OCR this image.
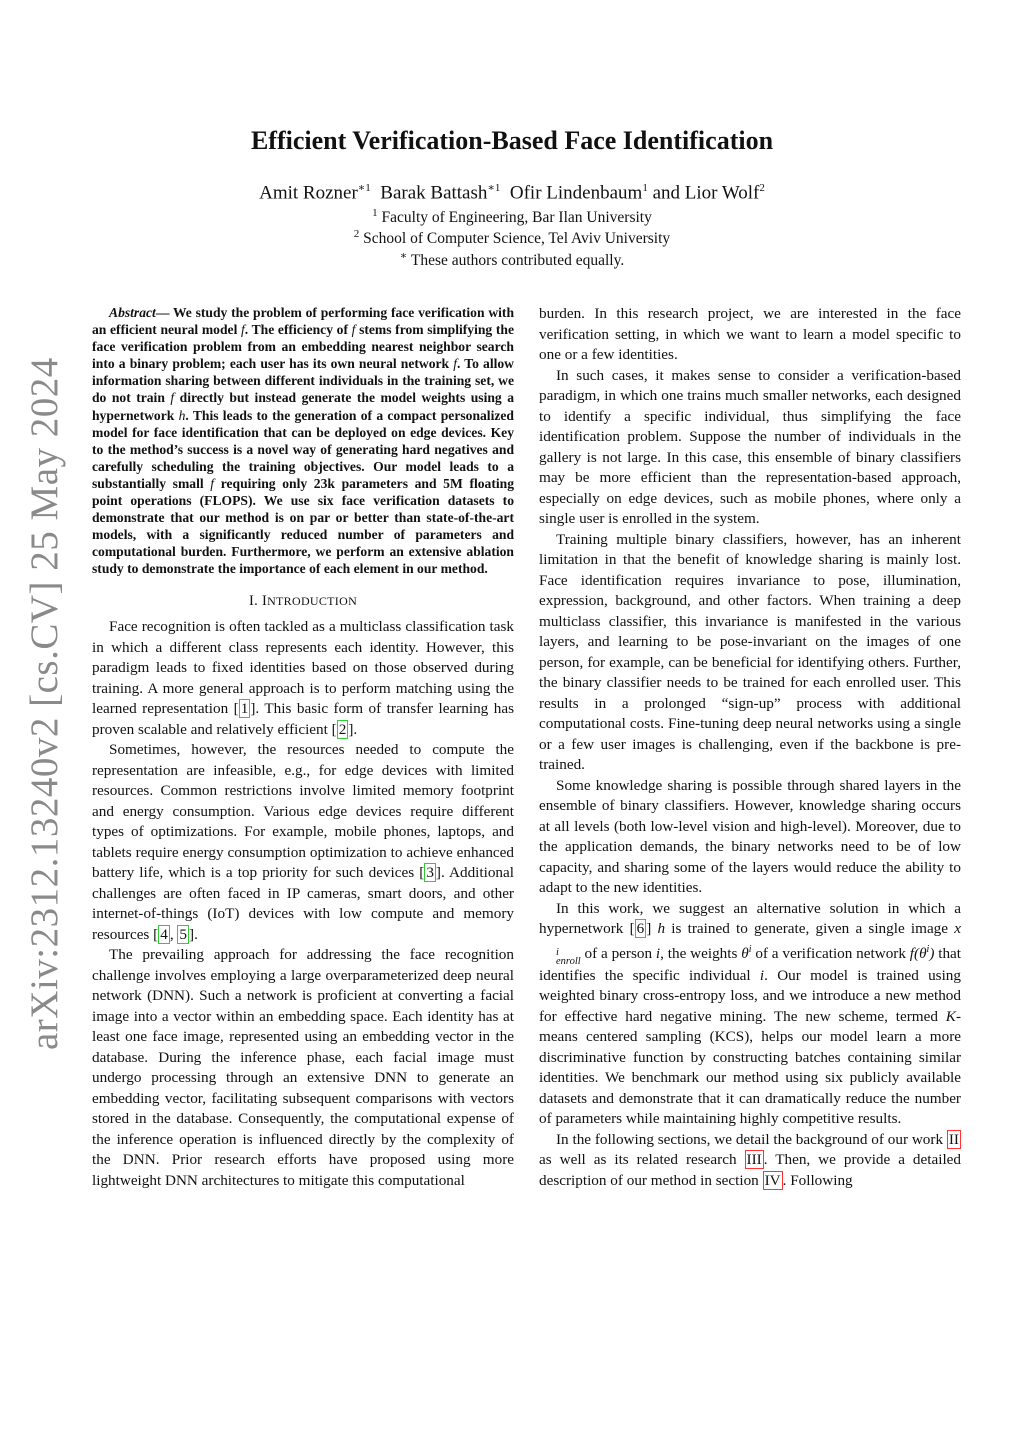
arXiv:2312.13240v2 [cs.CV] 25 May 2024
Efficient Verification-Based Face Identification
Amit Rozner$^{∗1}$ Barak Battash$^{∗1}$ Ofir Lindenbaum$^1$ and Lior Wolf$^2$
$^1$ Faculty of Engineering, Bar Ilan University
$^2$ School of Computer Science, Tel Aviv University
∗ These authors contributed equally.

Abstract— We study the problem of performing face verification with an efficient neural model f. The efficiency of f stems from simplifying the face verification problem from an embedding nearest neighbor search into a binary problem; each user has its own neural network f. To allow information sharing between different individuals in the training set, we do not train f directly but instead generate the model weights using a hypernetwork h. This leads to the generation of a compact personalized model for face identification that can be deployed on edge devices. Key to the method’s success is a novel way of generating hard negatives and carefully scheduling the training objectives. Our model leads to a substantially small f requiring only 23k parameters and 5M floating point operations (FLOPS). We use six face verification datasets to demonstrate that our method is on par or better than state-of-the-art models, with a significantly reduced number of parameters and computational burden. Furthermore, we perform an extensive ablation study to demonstrate the importance of each element in our method.

I. INTRODUCTION

Face recognition is often tackled as a multiclass classification task in which a different class represents each identity. However, this paradigm leads to fixed identities based on those observed during training. A more general approach is to perform matching using the learned representation [ 1 ]. This basic form of transfer learning has proven scalable and relatively efficient [ 2 ].

Sometimes, however, the resources needed to compute the representation are infeasible, e.g., for edge devices with limited resources. Common restrictions involve limited memory footprint and energy consumption. Various edge devices require different types of optimizations. For example, mobile phones, laptops, and tablets require energy consumption optimization to achieve enhanced battery life, which is a top priority for such devices [ 3 ]. Additional challenges are often faced in IP cameras, smart doors, and other internet-of-things (IoT) devices with low compute and memory resources [ 4 , 5 ].

The prevailing approach for addressing the face recognition challenge involves employing a large overparameterized deep neural network (DNN). Such a network is proficient at converting a facial image into a vector within an embedding space. Each identity has at least one face image, represented using an embedding vector in the database. During the inference phase, each facial image must undergo processing through an extensive DNN to generate an embedding vector, facilitating subsequent comparisons with vectors stored in the database. Consequently, the computational expense of the inference operation is influenced directly by the complexity of the DNN. Prior research efforts have proposed using more lightweight DNN architectures to mitigate this computational

burden. In this research project, we are interested in the face verification setting, in which we want to learn a model specific to one or a few identities.

In such cases, it makes sense to consider a verification-based paradigm, in which one trains much smaller networks, each designed to identify a specific individual, thus simplifying the face identification problem. Suppose the number of individuals in the gallery is not large. In this case, this ensemble of binary classifiers may be more efficient than the representation-based approach, especially on edge devices, such as mobile phones, where only a single user is enrolled in the system.

Training multiple binary classifiers, however, has an inherent limitation in that the benefit of knowledge sharing is mainly lost. Face identification requires invariance to pose, illumination, expression, background, and other factors. When training a deep multiclass classifier, this invariance is manifested in the various layers, and learning to be pose-invariant on the images of one person, for example, can be beneficial for identifying others. Further, the binary classifier needs to be trained for each enrolled user. This results in a prolonged “sign-up” process with additional computational costs. Fine-tuning deep neural networks using a single or a few user images is challenging, even if the backbone is pre-trained.

Some knowledge sharing is possible through shared layers in the ensemble of binary classifiers. However, knowledge sharing occurs at all levels (both low-level vision and high-level). Moreover, due to the application demands, the binary networks need to be of low capacity, and sharing some of the layers would reduce the ability to adapt to the new identities.

In this work, we suggest an alternative solution in which a hypernetwork [ 6 ] h is trained to generate, given a single image x
i
enroll of a person i, the weights $\theta^i$ of a verification network $f(\theta^i)$ that identifies the specific individual i. Our model is trained using weighted binary cross-entropy loss, and we introduce a new method for effective hard negative mining. The new scheme, termed K-means centered sampling (KCS), helps our model learn a more discriminative function by constructing batches containing similar identities. We benchmark our method using six publicly available datasets and demonstrate that it can dramatically reduce the number of parameters while maintaining highly competitive results.

In the following sections, we detail the background of our work II as well as its related research III . Then, we provide a detailed description of our method in section IV . Following
